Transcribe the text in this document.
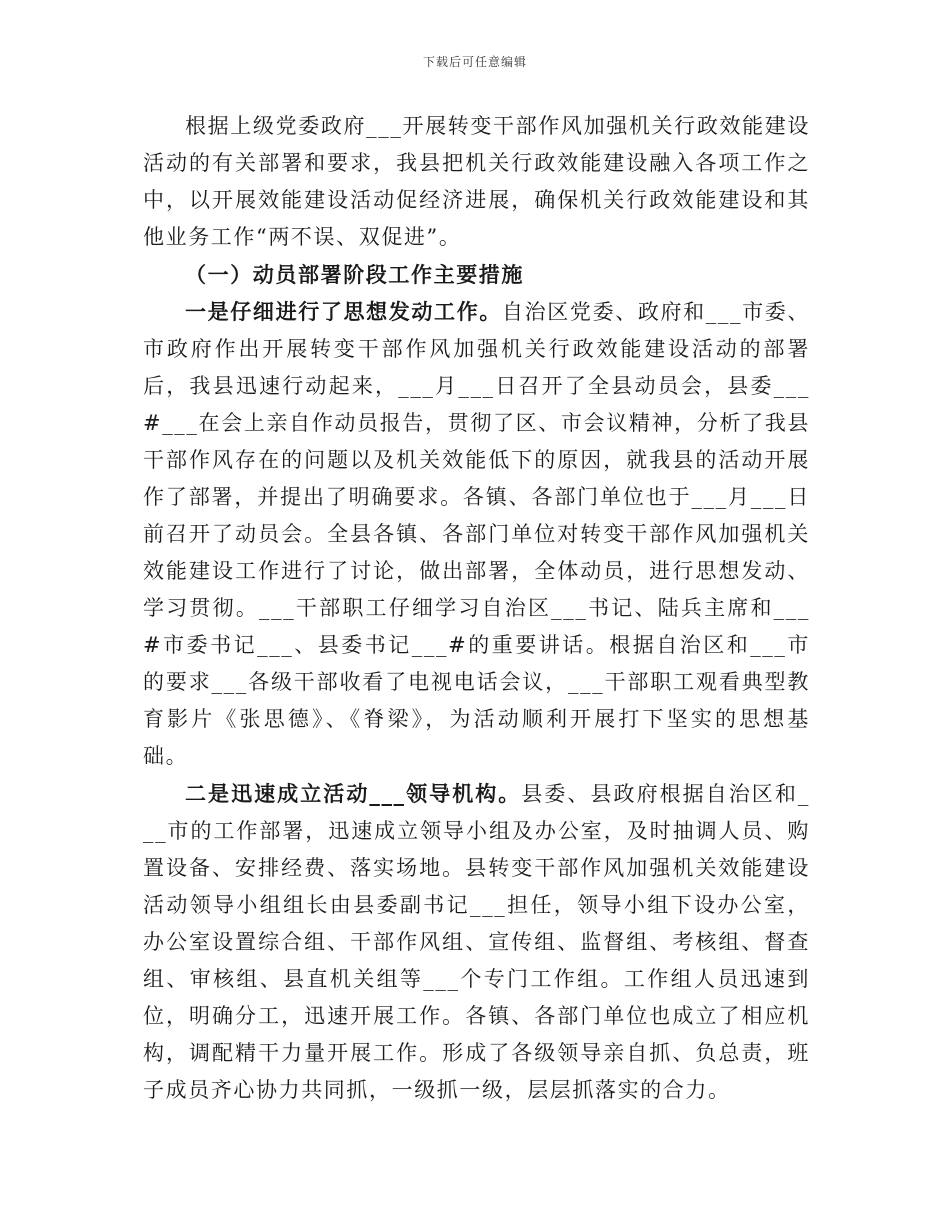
下载后可任意编辑

根据上级党委政府___开展转变干部作风加强机关行政效能建设活动的有关部署和要求，我县把机关行政效能建设融入各项工作之中，以开展效能建设活动促经济进展，确保机关行政效能建设和其他业务工作“两不误、双促进”。

（一）动员部署阶段工作主要措施

一是仔细进行了思想发动工作。自治区党委、政府和___市委、市政府作出开展转变干部作风加强机关行政效能建设活动的部署后，我县迅速行动起来，___月___日召开了全县动员会，县委___#___在会上亲自作动员报告，贯彻了区、市会议精神，分析了我县干部作风存在的问题以及机关效能低下的原因，就我县的活动开展作了部署，并提出了明确要求。各镇、各部门单位也于___月___日前召开了动员会。全县各镇、各部门单位对转变干部作风加强机关效能建设工作进行了讨论，做出部署，全体动员，进行思想发动、学习贯彻。___干部职工仔细学习自治区___书记、陆兵主席和___#市委书记___、县委书记___#的重要讲话。根据自治区和___市的要求___各级干部收看了电视电话会议，___干部职工观看典型教育影片《张思德》、《脊梁》，为活动顺利开展打下坚实的思想基础。

二是迅速成立活动___领导机构。县委、县政府根据自治区和___市的工作部署，迅速成立领导小组及办公室，及时抽调人员、购置设备、安排经费、落实场地。县转变干部作风加强机关效能建设活动领导小组组长由县委副书记___担任，领导小组下设办公室，办公室设置综合组、干部作风组、宣传组、监督组、考核组、督查组、审核组、县直机关组等___个专门工作组。工作组人员迅速到位，明确分工，迅速开展工作。各镇、各部门单位也成立了相应机构，调配精干力量开展工作。形成了各级领导亲自抓、负总责，班子成员齐心协力共同抓，一级抓一级，层层抓落实的合力。
